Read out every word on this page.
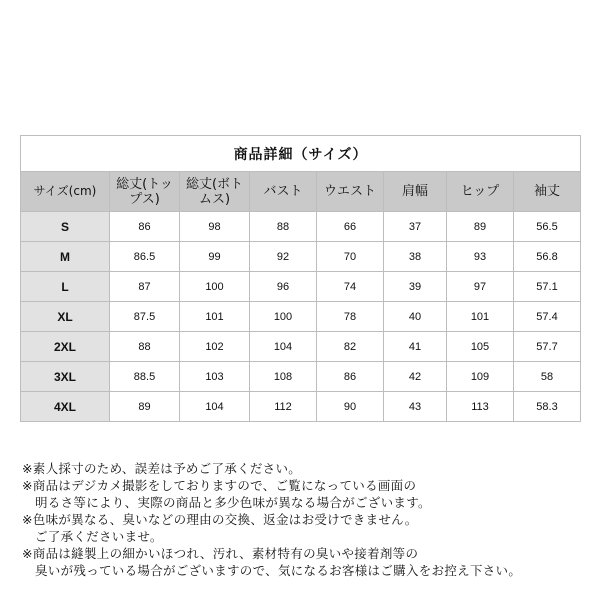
商品詳細（サイズ）							
サイズ(cm)	総丈(トップス)	総丈(ボトムス)	バスト	ウエスト	肩幅	ヒップ	袖丈
S	86	98	88	66	37	89	56.5
M	86.5	99	92	70	38	93	56.8
L	87	100	96	74	39	97	57.1
XL	87.5	101	100	78	40	101	57.4
2XL	88	102	104	82	41	105	57.7
3XL	88.5	103	108	86	42	109	58
4XL	89	104	112	90	43	113	58.3
※素人採寸のため、誤差は予めご了承ください。
※商品はデジカメ撮影をしておりますので、ご覧になっている画面の
明るさ等により、実際の商品と多少色味が異なる場合がございます。
※色味が異なる、臭いなどの理由の交換、返金はお受けできません。
ご了承くださいませ。
※商品は縫製上の細かいほつれ、汚れ、素材特有の臭いや接着剤等の
臭いが残っている場合がございますので、気になるお客様はご購入をお控え下さい。
